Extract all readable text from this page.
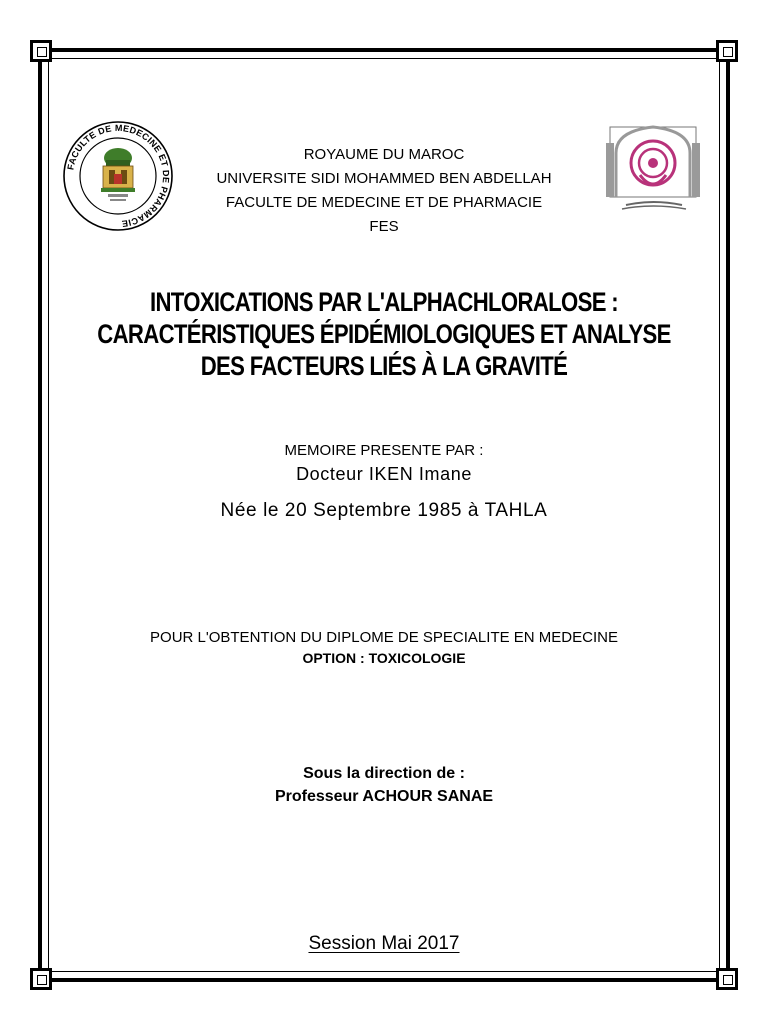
FACULTE DE MEDECINE ET DE PHARMACIE
ROYAUME DU MAROC
UNIVERSITE SIDI MOHAMMED BEN ABDELLAH
FACULTE DE MEDECINE ET DE PHARMACIE
FES
INTOXICATIONS PAR L'ALPHACHLORALOSE :
CARACTÉRISTIQUES ÉPIDÉMIOLOGIQUES ET ANALYSE
DES FACTEURS LIÉS À LA GRAVITÉ
MEMOIRE PRESENTE PAR :
Docteur IKEN Imane
Née le 20 Septembre 1985 à TAHLA
POUR L'OBTENTION DU DIPLOME DE SPECIALITE EN MEDECINE
OPTION : TOXICOLOGIE
Sous la direction de :
Professeur ACHOUR SANAE
Session Mai 2017
